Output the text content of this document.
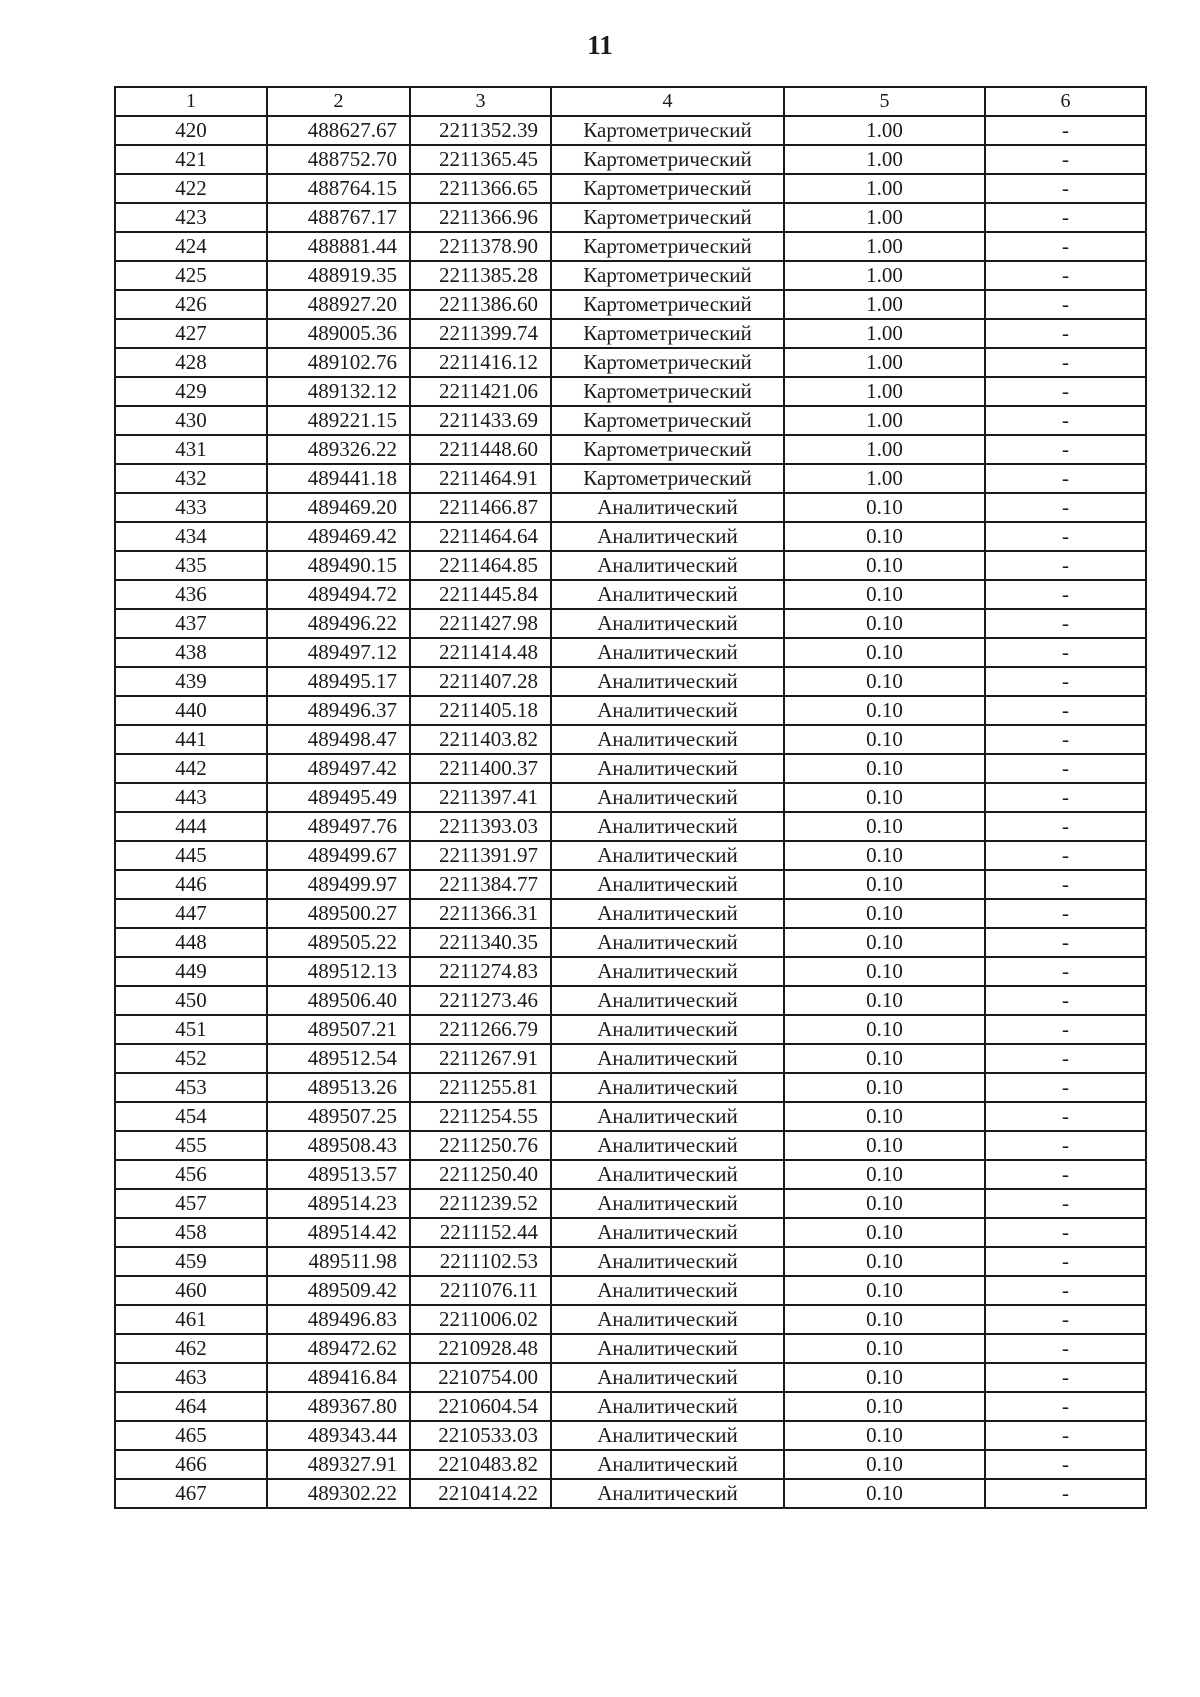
11
1	2	3	4	5	6
420	488627.67	2211352.39	Картометрический	1.00	-
421	488752.70	2211365.45	Картометрический	1.00	-
422	488764.15	2211366.65	Картометрический	1.00	-
423	488767.17	2211366.96	Картометрический	1.00	-
424	488881.44	2211378.90	Картометрический	1.00	-
425	488919.35	2211385.28	Картометрический	1.00	-
426	488927.20	2211386.60	Картометрический	1.00	-
427	489005.36	2211399.74	Картометрический	1.00	-
428	489102.76	2211416.12	Картометрический	1.00	-
429	489132.12	2211421.06	Картометрический	1.00	-
430	489221.15	2211433.69	Картометрический	1.00	-
431	489326.22	2211448.60	Картометрический	1.00	-
432	489441.18	2211464.91	Картометрический	1.00	-
433	489469.20	2211466.87	Аналитический	0.10	-
434	489469.42	2211464.64	Аналитический	0.10	-
435	489490.15	2211464.85	Аналитический	0.10	-
436	489494.72	2211445.84	Аналитический	0.10	-
437	489496.22	2211427.98	Аналитический	0.10	-
438	489497.12	2211414.48	Аналитический	0.10	-
439	489495.17	2211407.28	Аналитический	0.10	-
440	489496.37	2211405.18	Аналитический	0.10	-
441	489498.47	2211403.82	Аналитический	0.10	-
442	489497.42	2211400.37	Аналитический	0.10	-
443	489495.49	2211397.41	Аналитический	0.10	-
444	489497.76	2211393.03	Аналитический	0.10	-
445	489499.67	2211391.97	Аналитический	0.10	-
446	489499.97	2211384.77	Аналитический	0.10	-
447	489500.27	2211366.31	Аналитический	0.10	-
448	489505.22	2211340.35	Аналитический	0.10	-
449	489512.13	2211274.83	Аналитический	0.10	-
450	489506.40	2211273.46	Аналитический	0.10	-
451	489507.21	2211266.79	Аналитический	0.10	-
452	489512.54	2211267.91	Аналитический	0.10	-
453	489513.26	2211255.81	Аналитический	0.10	-
454	489507.25	2211254.55	Аналитический	0.10	-
455	489508.43	2211250.76	Аналитический	0.10	-
456	489513.57	2211250.40	Аналитический	0.10	-
457	489514.23	2211239.52	Аналитический	0.10	-
458	489514.42	2211152.44	Аналитический	0.10	-
459	489511.98	2211102.53	Аналитический	0.10	-
460	489509.42	2211076.11	Аналитический	0.10	-
461	489496.83	2211006.02	Аналитический	0.10	-
462	489472.62	2210928.48	Аналитический	0.10	-
463	489416.84	2210754.00	Аналитический	0.10	-
464	489367.80	2210604.54	Аналитический	0.10	-
465	489343.44	2210533.03	Аналитический	0.10	-
466	489327.91	2210483.82	Аналитический	0.10	-
467	489302.22	2210414.22	Аналитический	0.10	-
